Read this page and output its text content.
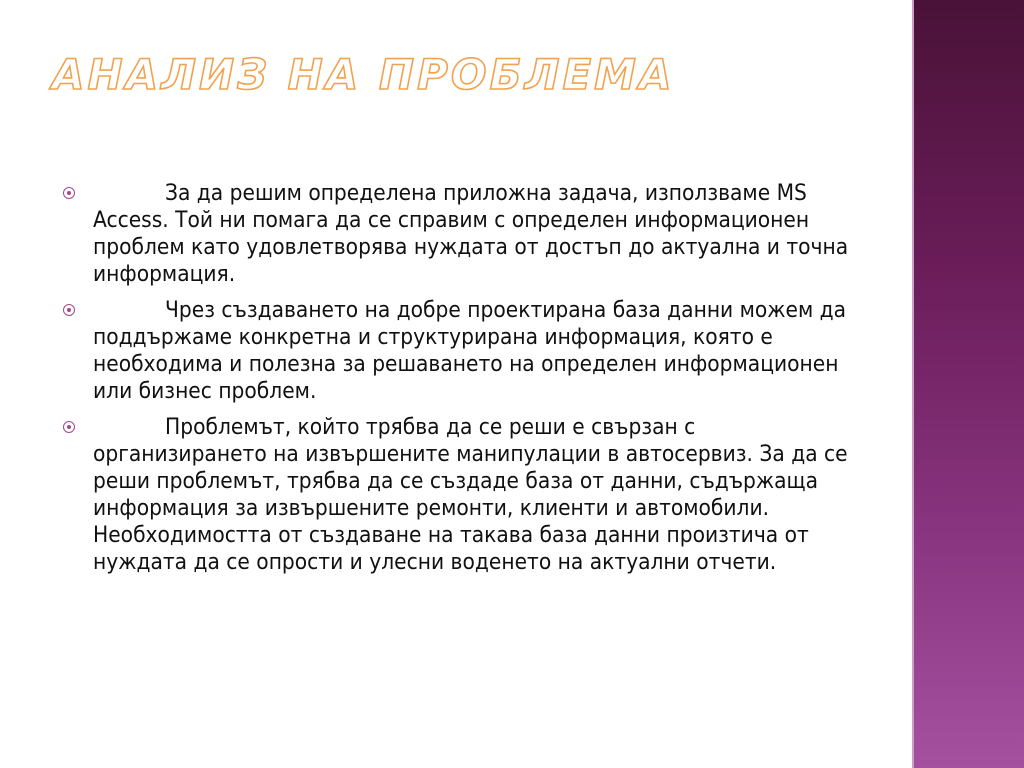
АНАЛИЗ НА ПРОБЛЕМА
За да решим определена приложна задача, използваме MS Access. Той ни помага да се справим с определен информационен проблем като удовлетворява нуждата от достъп до актуална и точна информация.
Чрез създаването на добре проектирана база данни можем да поддържаме конкретна и структурирана информация, която е необходима и полезна за решаването на определен информационен или бизнес проблем.
Проблемът, който трябва да се реши е свързан с организирането на извършените манипулации в автосервиз. За да се реши проблемът, трябва да се създаде база от данни, съдържаща информация за извършените ремонти, клиенти и автомобили. Необходимостта от създаване на такава база данни произтича от нуждата да се опрости и улесни воденето на актуални отчети.
